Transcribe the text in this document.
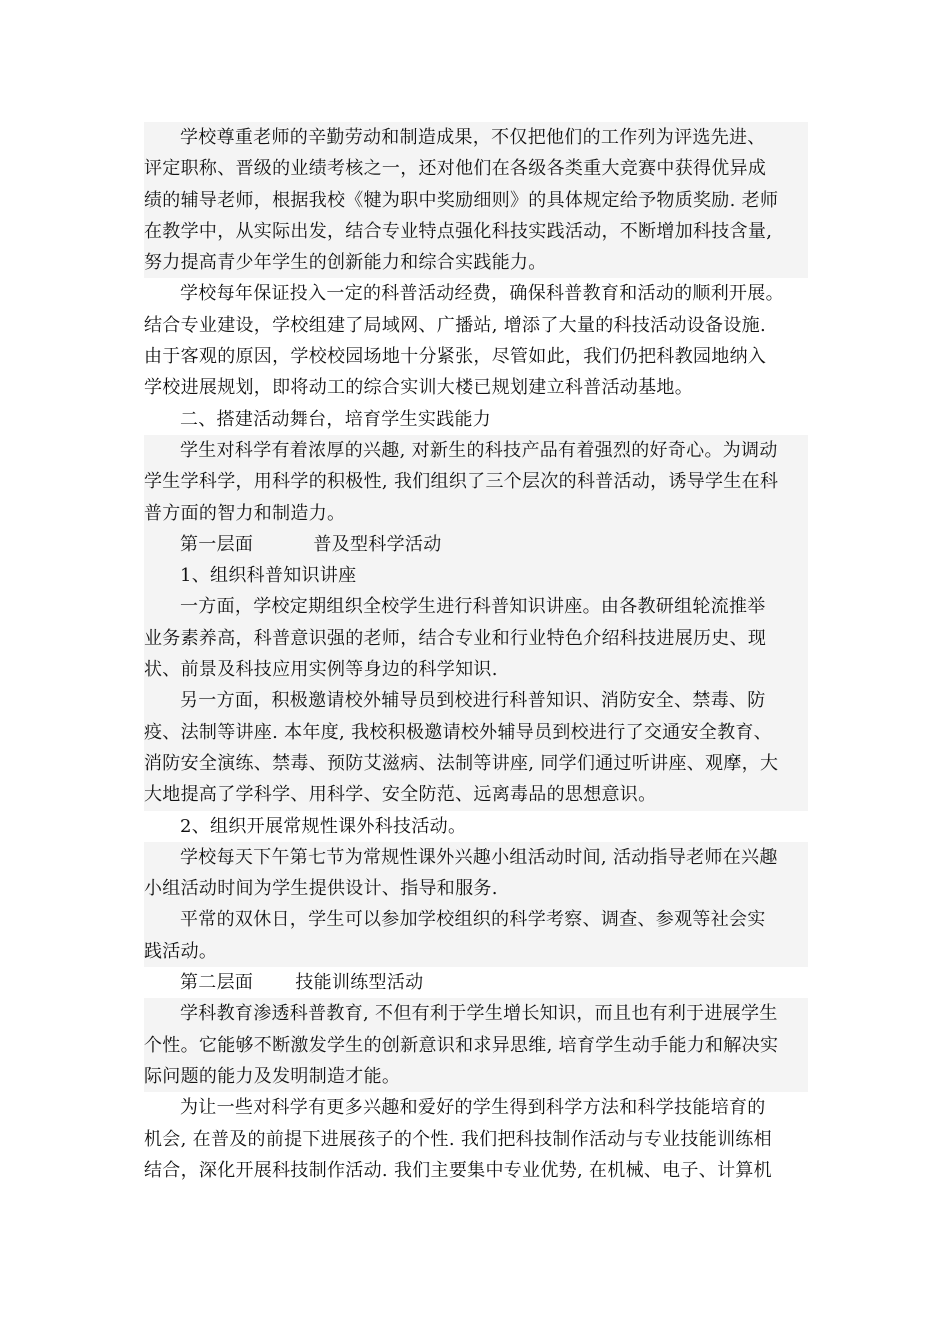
学校尊重老师的辛勤劳动和制造成果，不仅把他们的工作列为评选先进、
评定职称、晋级的业绩考核之一，还对他们在各级各类重大竞赛中获得优异成
绩的辅导老师，根据我校《犍为职中奖励细则》的具体规定给予物质奖励. 老师
在教学中，从实际出发，结合专业特点强化科技实践活动，不断增加科技含量,
努力提高青少年学生的创新能力和综合实践能力。
学校每年保证投入一定的科普活动经费，确保科普教育和活动的顺利开展。
结合专业建设，学校组建了局域网、广播站, 增添了大量的科技活动设备设施.
由于客观的原因，学校校园场地十分紧张，尽管如此，我们仍把科教园地纳入
学校进展规划，即将动工的综合实训大楼已规划建立科普活动基地。
二、搭建活动舞台，培育学生实践能力
学生对科学有着浓厚的兴趣, 对新生的科技产品有着强烈的好奇心。为调动
学生学科学，用科学的积极性, 我们组织了三个层次的科普活动，诱导学生在科
普方面的智力和制造力。
第一层面          普及型科学活动
1、组织科普知识讲座
一方面，学校定期组织全校学生进行科普知识讲座。由各教研组轮流推举
业务素养高，科普意识强的老师，结合专业和行业特色介绍科技进展历史、现
状、前景及科技应用实例等身边的科学知识.
另一方面，积极邀请校外辅导员到校进行科普知识、消防安全、禁毒、防
疫、法制等讲座. 本年度, 我校积极邀请校外辅导员到校进行了交通安全教育、
消防安全演练、禁毒、预防艾滋病、法制等讲座, 同学们通过听讲座、观摩，大
大地提高了学科学、用科学、安全防范、远离毒品的思想意识。
2、组织开展常规性课外科技活动。
学校每天下午第七节为常规性课外兴趣小组活动时间, 活动指导老师在兴趣
小组活动时间为学生提供设计、指导和服务.
平常的双休日，学生可以参加学校组织的科学考察、调查、参观等社会实
践活动。
第二层面       技能训练型活动
学科教育渗透科普教育, 不但有利于学生增长知识，而且也有利于进展学生
个性。它能够不断激发学生的创新意识和求异思维, 培育学生动手能力和解决实
际问题的能力及发明制造才能。
为让一些对科学有更多兴趣和爱好的学生得到科学方法和科学技能培育的
机会, 在普及的前提下进展孩子的个性. 我们把科技制作活动与专业技能训练相
结合，深化开展科技制作活动. 我们主要集中专业优势, 在机械、电子、计算机
